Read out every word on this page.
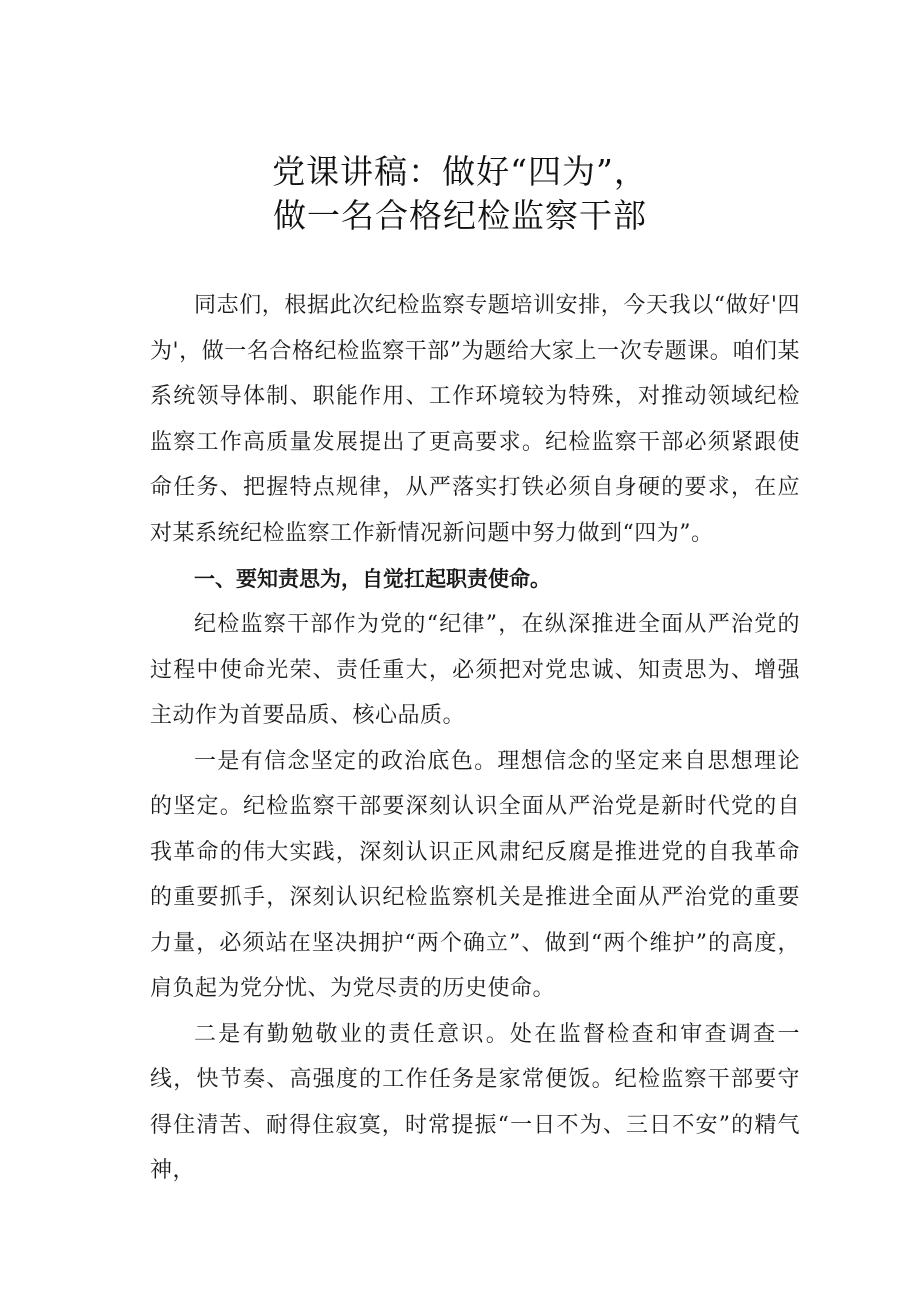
党课讲稿：做好“四为”，
做一名合格纪检监察干部

同志们，根据此次纪检监察专题培训安排，今天我以“做好'四为'，做一名合格纪检监察干部”为题给大家上一次专题课。咱们某系统领导体制、职能作用、工作环境较为特殊，对推动领域纪检监察工作高质量发展提出了更高要求。纪检监察干部必须紧跟使命任务、把握特点规律，从严落实打铁必须自身硬的要求，在应对某系统纪检监察工作新情况新问题中努力做到“四为”。

一、要知责思为，自觉扛起职责使命。

纪检监察干部作为党的“纪律”，在纵深推进全面从严治党的过程中使命光荣、责任重大，必须把对党忠诚、知责思为、增强主动作为首要品质、核心品质。

一是有信念坚定的政治底色。理想信念的坚定来自思想理论的坚定。纪检监察干部要深刻认识全面从严治党是新时代党的自我革命的伟大实践，深刻认识正风肃纪反腐是推进党的自我革命的重要抓手，深刻认识纪检监察机关是推进全面从严治党的重要力量，必须站在坚决拥护“两个确立”、做到“两个维护”的高度，肩负起为党分忧、为党尽责的历史使命。

二是有勤勉敬业的责任意识。处在监督检查和审查调查一线，快节奏、高强度的工作任务是家常便饭。纪检监察干部要守得住清苦、耐得住寂寞，时常提振“一日不为、三日不安”的精气神，
